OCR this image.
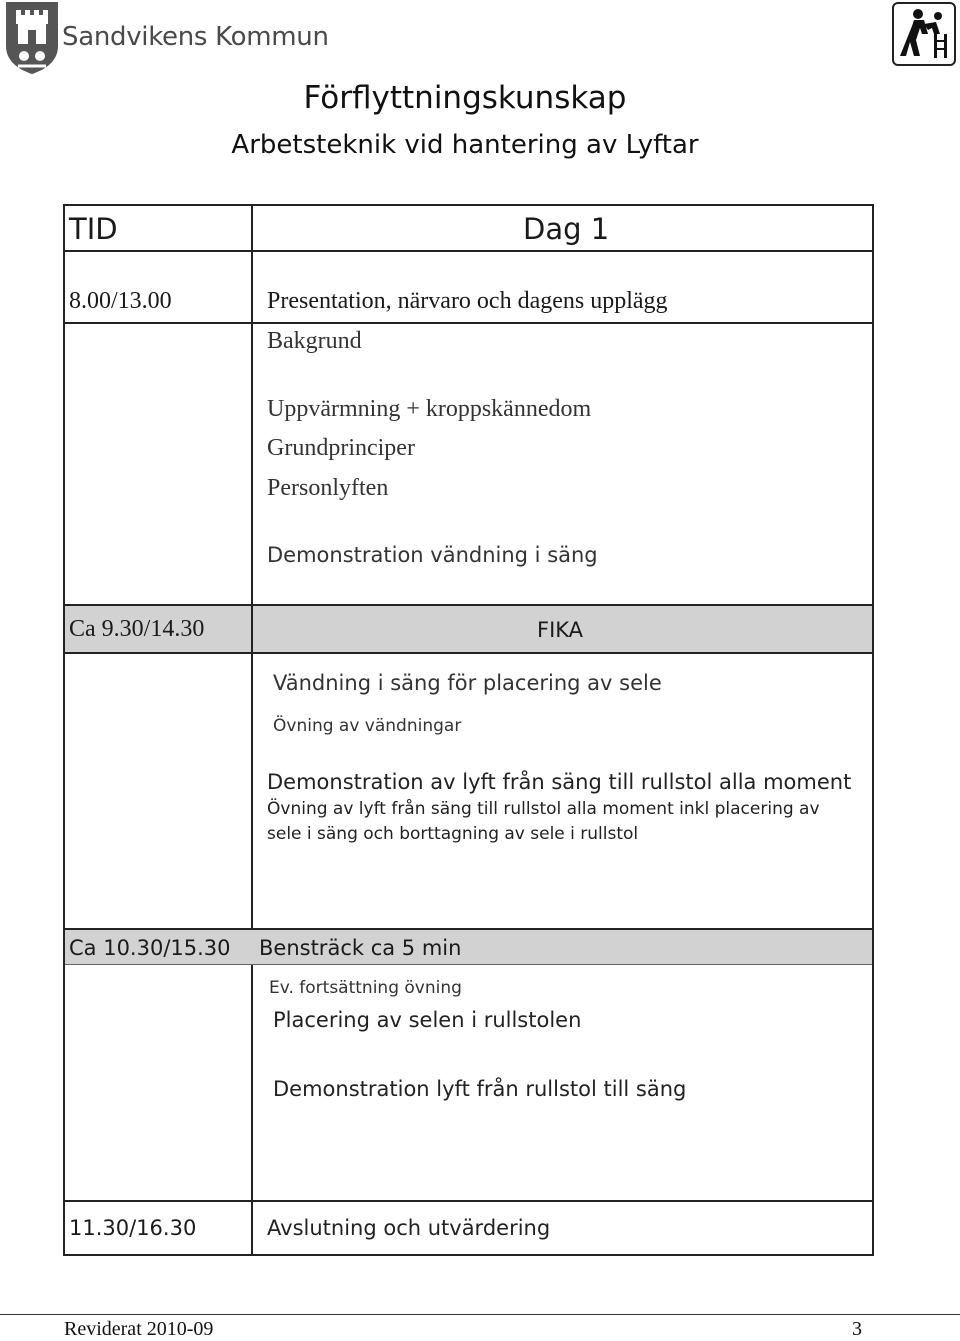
Sandvikens Kommun
Förflyttningskunskap
Arbetsteknik vid hantering av Lyftar
TID	Dag 1
8.00/13.00	Presentation, närvaro och dagens upplägg
Bakgrund
Uppvärmning + kroppskännedom
Grundprinciper
Personlyften
Demonstration vändning i säng
Ca 9.30/14.30	FIKA
Vändning i säng för placering av sele
Övning av vändningar
Demonstration av lyft från säng till rullstol alla moment
Övning av lyft från säng till rullstol alla moment inkl placering av
sele i säng och borttagning av sele i rullstol
Ca 10.30/15.30 Bensträck ca 5 min
Ev. fortsättning övning
Placering av selen i rullstolen
Demonstration lyft från rullstol till säng
11.30/16.30	Avslutning och utvärdering
Reviderat 2010-09	3
